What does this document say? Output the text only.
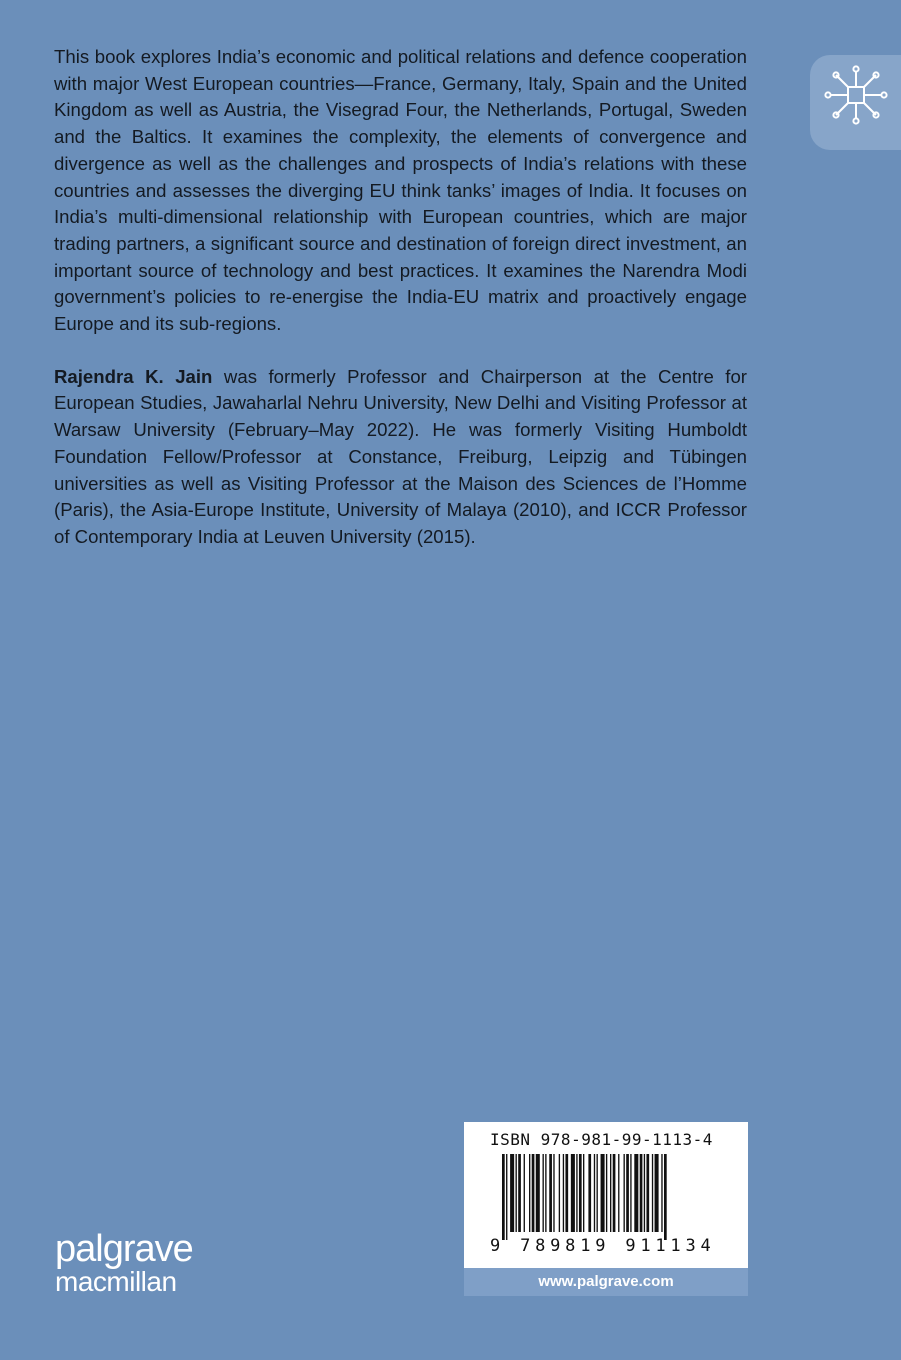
This book explores India’s economic and political relations and defence cooperation with major West European countries—France, Germany, Italy, Spain and the United Kingdom as well as Austria, the Visegrad Four, the Netherlands, Portugal, Sweden and the Baltics. It examines the complexity, the elements of convergence and divergence as well as the challenges and prospects of India’s relations with these countries and assesses the diverging EU think tanks’ images of India. It focuses on India’s multi-dimensional relationship with European countries, which are major trading partners, a significant source and destination of foreign direct investment, an important source of technology and best practices. It examines the Narendra Modi government’s policies to re-energise the India-EU matrix and proactively engage Europe and its sub-regions.

Rajendra K. Jain was formerly Professor and Chairperson at the Centre for European Studies, Jawaharlal Nehru University, New Delhi and Visiting Professor at Warsaw University (February–May 2022). He was formerly Visiting Humboldt Foundation Fellow/Professor at Constance, Freiburg, Leipzig and Tübingen universities as well as Visiting Professor at the Maison des Sciences de l’Homme (Paris), the Asia-Europe Institute, University of Malaya (2010), and ICCR Professor of Contemporary India at Leuven University (2015).

ISBN 978-981-99-1113-4
9 789819 911134
www.palgrave.com
palgrave
macmillan
